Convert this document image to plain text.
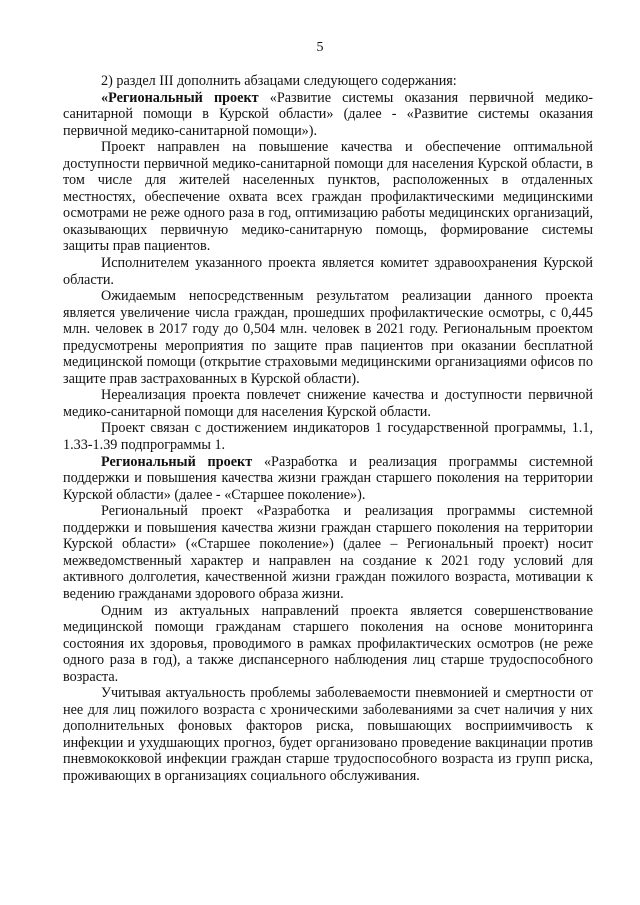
5

2) раздел III дополнить абзацами следующего содержания:

«Региональный проект «Развитие системы оказания первичной медико-санитарной помощи в Курской области» (далее - «Развитие системы оказания первичной медико-санитарной помощи»).

Проект направлен на повышение качества и обеспечение оптимальной доступности первичной медико-санитарной помощи для населения Курской области, в том числе для жителей населенных пунктов, расположенных в отдаленных местностях, обеспечение охвата всех граждан профилактическими медицинскими осмотрами не реже одного раза в год, оптимизацию работы медицинских организаций, оказывающих первичную медико-санитарную помощь, формирование системы защиты прав пациентов.

Исполнителем указанного проекта является комитет здравоохранения Курской области.

Ожидаемым непосредственным результатом реализации данного проекта является увеличение числа граждан, прошедших профилактические осмотры, с 0,445 млн. человек в 2017 году до 0,504 млн. человек в 2021 году. Региональным проектом предусмотрены мероприятия по защите прав пациентов при оказании бесплатной медицинской помощи (открытие страховыми медицинскими организациями офисов по защите прав застрахованных в Курской области).

Нереализация проекта повлечет снижение качества и доступности первичной медико-санитарной помощи для населения Курской области.

Проект связан с достижением индикаторов 1 государственной программы, 1.1, 1.33-1.39 подпрограммы 1.

Региональный проект «Разработка и реализация программы системной поддержки и повышения качества жизни граждан старшего поколения на территории Курской области» (далее - «Старшее поколение»).

Региональный проект «Разработка и реализация программы системной поддержки и повышения качества жизни граждан старшего поколения на территории Курской области» («Старшее поколение») (далее – Региональный проект) носит межведомственный характер и направлен на создание к 2021 году условий для активного долголетия, качественной жизни граждан пожилого возраста, мотивации к ведению гражданами здорового образа жизни.

Одним из актуальных направлений проекта является совершенствование медицинской помощи гражданам старшего поколения на основе мониторинга состояния их здоровья, проводимого в рамках профилактических осмотров (не реже одного раза в год), а также диспансерного наблюдения лиц старше трудоспособного возраста.

Учитывая актуальность проблемы заболеваемости пневмонией и смертности от нее для лиц пожилого возраста с хроническими заболеваниями за счет наличия у них дополнительных фоновых факторов риска, повышающих восприимчивость к инфекции и ухудшающих прогноз, будет организовано проведение вакцинации против пневмококковой инфекции граждан старше трудоспособного возраста из групп риска, проживающих в организациях социального обслуживания.
